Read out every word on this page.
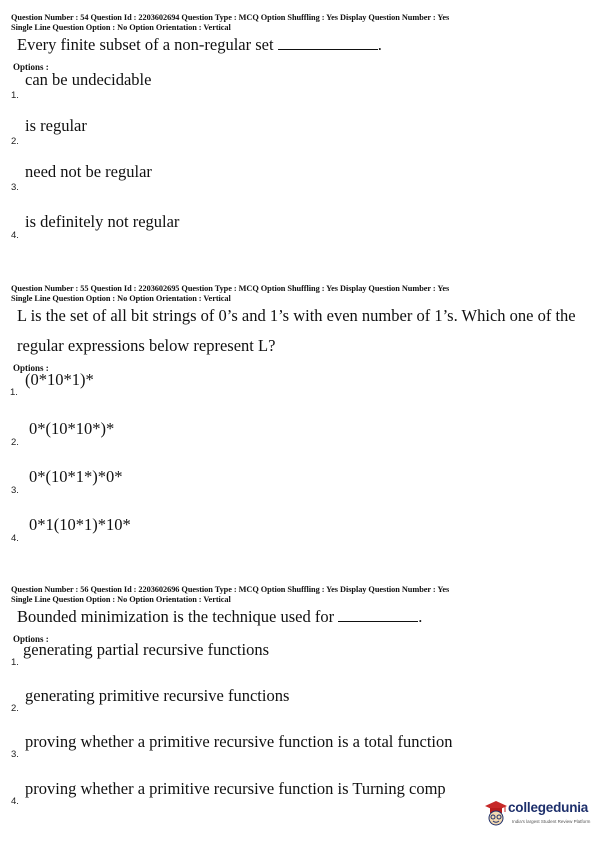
Question Number : 54 Question Id : 2203602694 Question Type : MCQ Option Shuffling : Yes Display Question Number : Yes

Single Line Question Option : No Option Orientation : Vertical

Every finite subset of a non-regular set	.

Options :
can be undecidable
1.
is regular
2.
need not be regular
3.
is definitely not regular
4.

Question Number : 55 Question Id : 2203602695 Question Type : MCQ Option Shuffling : Yes Display Question Number : Yes

Single Line Question Option : No Option Orientation : Vertical

L is the set of all bit strings of 0’s and 1’s with even number of 1’s. Which one of the

regular expressions below represent L?

Options :
(0*10*1)*
1.
0*(10*10*)*
2.
0*(10*1*)*0*
3.
0*1(10*1)*10*
4.

Question Number : 56 Question Id : 2203602696 Question Type : MCQ Option Shuffling : Yes Display Question Number : Yes

Single Line Question Option : No Option Orientation : Vertical

Bounded minimization is the technique used for	.

Options :
generating partial recursive functions
1.
generating primitive recursive functions
2.
proving whether a primitive recursive function is a total function
3.
proving whether a primitive recursive function is Turning comp
4.	collegedunia
India's largest Student Review Platform
